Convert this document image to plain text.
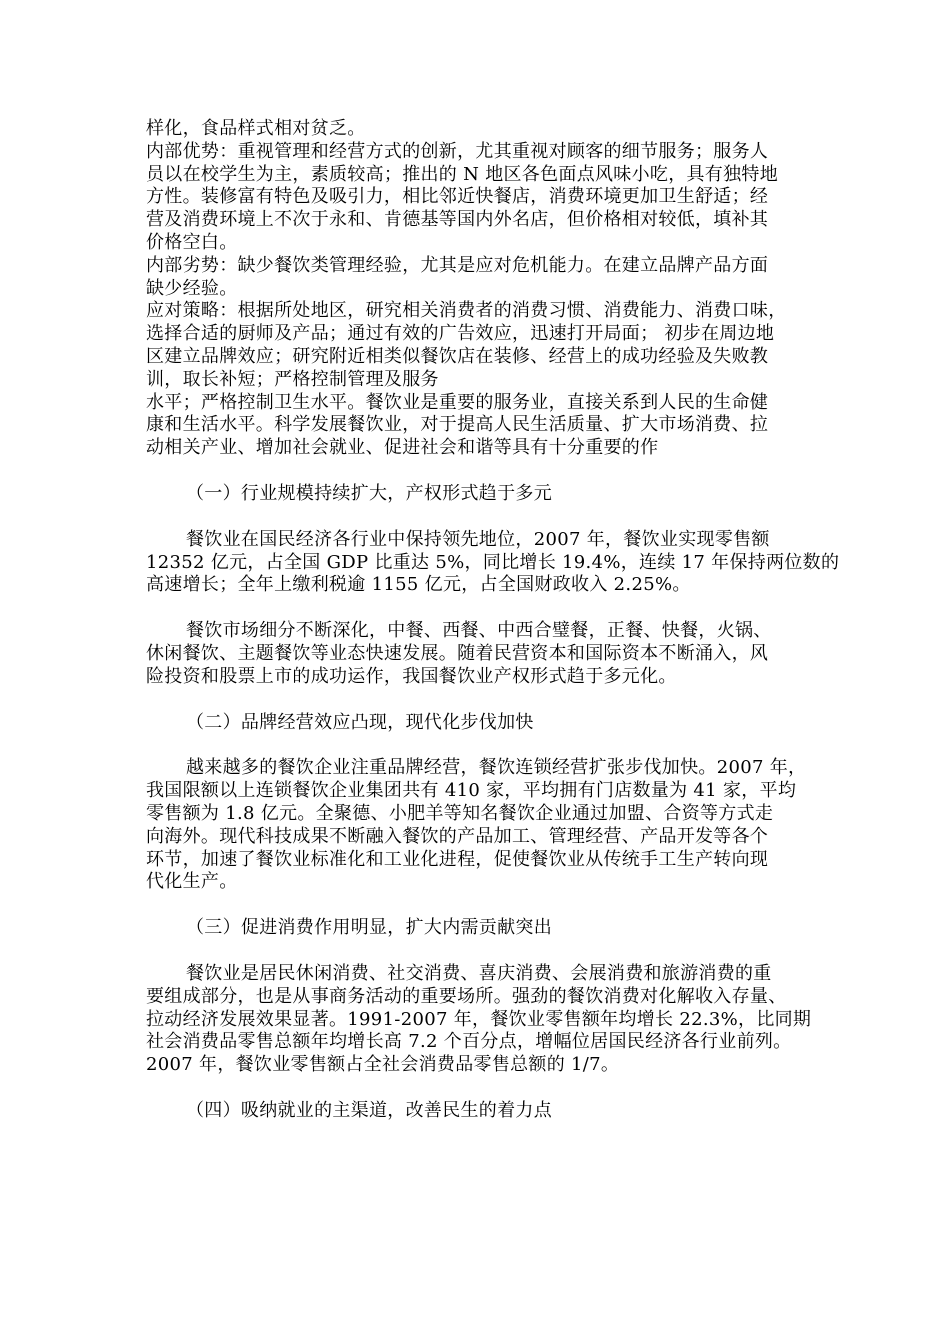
样化，食品样式相对贫乏。
内部优势：重视管理和经营方式的创新，尤其重视对顾客的细节服务；服务人
员以在校学生为主，素质较高；推出的 N 地区各色面点风味小吃，具有独特地
方性。装修富有特色及吸引力，相比邻近快餐店，消费环境更加卫生舒适；经
营及消费环境上不次于永和、肯德基等国内外名店，但价格相对较低，填补其
价格空白。
内部劣势：缺少餐饮类管理经验，尤其是应对危机能力。在建立品牌产品方面
缺少经验。
应对策略：根据所处地区，研究相关消费者的消费习惯、消费能力、消费口味，
选择合适的厨师及产品；通过有效的广告效应，迅速打开局面； 初步在周边地
区建立品牌效应；研究附近相类似餐饮店在装修、经营上的成功经验及失败教
训，取长补短；严格控制管理及服务
水平；严格控制卫生水平。餐饮业是重要的服务业，直接关系到人民的生命健
康和生活水平。科学发展餐饮业，对于提高人民生活质量、扩大市场消费、拉
动相关产业、增加社会就业、促进社会和谐等具有十分重要的作
（一）行业规模持续扩大，产权形式趋于多元
餐饮业在国民经济各行业中保持领先地位，2007 年，餐饮业实现零售额
12352 亿元，占全国 GDP 比重达 5%，同比增长 19.4%，连续 17 年保持两位数的
高速增长；全年上缴利税逾 1155 亿元，占全国财政收入 2.25%。
餐饮市场细分不断深化，中餐、西餐、中西合璧餐，正餐、快餐，火锅、
休闲餐饮、主题餐饮等业态快速发展。随着民营资本和国际资本不断涌入，风
险投资和股票上市的成功运作，我国餐饮业产权形式趋于多元化。
（二）品牌经营效应凸现，现代化步伐加快
越来越多的餐饮企业注重品牌经营，餐饮连锁经营扩张步伐加快。2007 年，
我国限额以上连锁餐饮企业集团共有 410 家，平均拥有门店数量为 41 家，平均
零售额为 1.8 亿元。全聚德、小肥羊等知名餐饮企业通过加盟、合资等方式走
向海外。现代科技成果不断融入餐饮的产品加工、管理经营、产品开发等各个
环节，加速了餐饮业标准化和工业化进程，促使餐饮业从传统手工生产转向现
代化生产。
（三）促进消费作用明显，扩大内需贡献突出
餐饮业是居民休闲消费、社交消费、喜庆消费、会展消费和旅游消费的重
要组成部分，也是从事商务活动的重要场所。强劲的餐饮消费对化解收入存量、
拉动经济发展效果显著。1991-2007 年，餐饮业零售额年均增长 22.3%，比同期
社会消费品零售总额年均增长高 7.2 个百分点，增幅位居国民经济各行业前列。
2007 年，餐饮业零售额占全社会消费品零售总额的 1/7。
（四）吸纳就业的主渠道，改善民生的着力点
